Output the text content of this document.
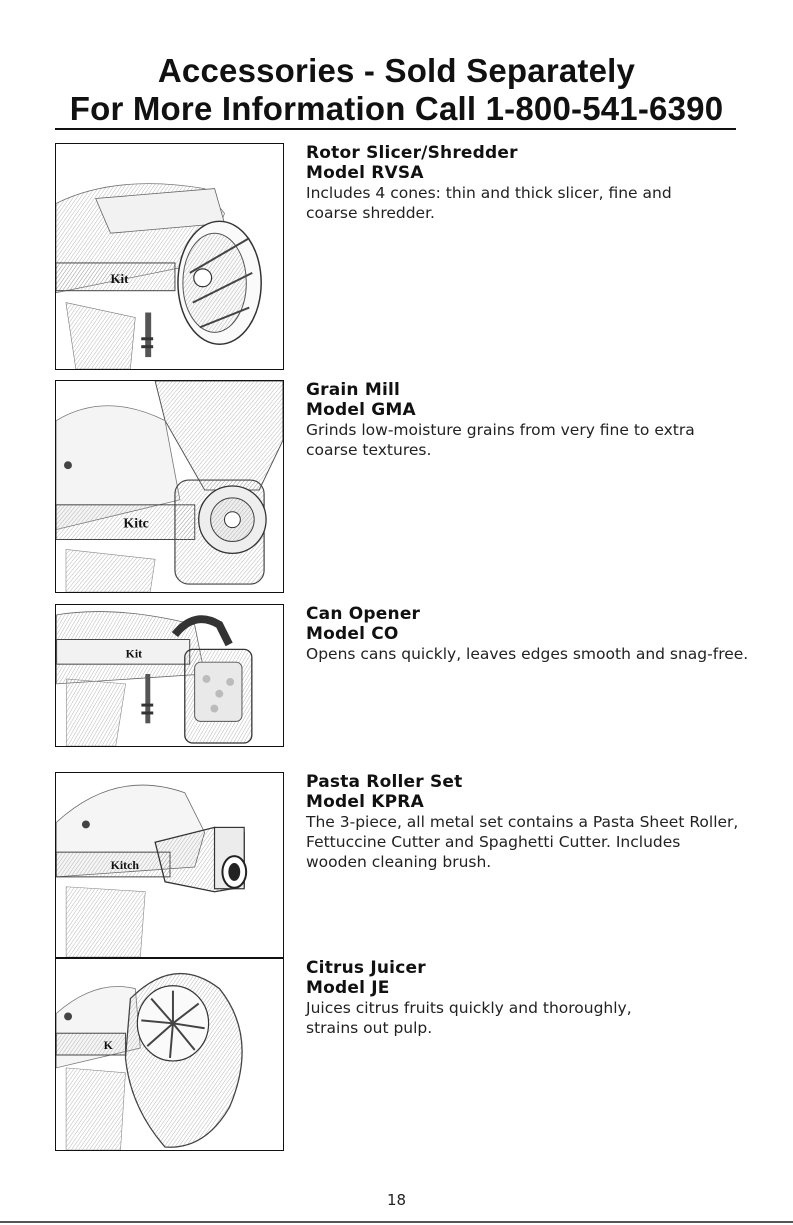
Accessories - Sold Separately
For More Information Call 1-800-541-6390
Kit

Rotor Slicer/Shredder

Model RVSA

Includes 4 cones: thin and thick slicer, fine and

coarse shredder.

Kitc

Grain Mill

Model GMA

Grinds low-moisture grains from very fine to extra

coarse textures.

Kit

Can Opener

Model CO

Opens cans quickly, leaves edges smooth and snag-free.

Kitch

Pasta Roller Set

Model KPRA

The 3-piece, all metal set contains a Pasta Sheet Roller,

Fettuccine Cutter and Spaghetti Cutter. Includes

wooden cleaning brush.

K

Citrus Juicer

Model JE

Juices citrus fruits quickly and thoroughly,

strains out pulp.

18
